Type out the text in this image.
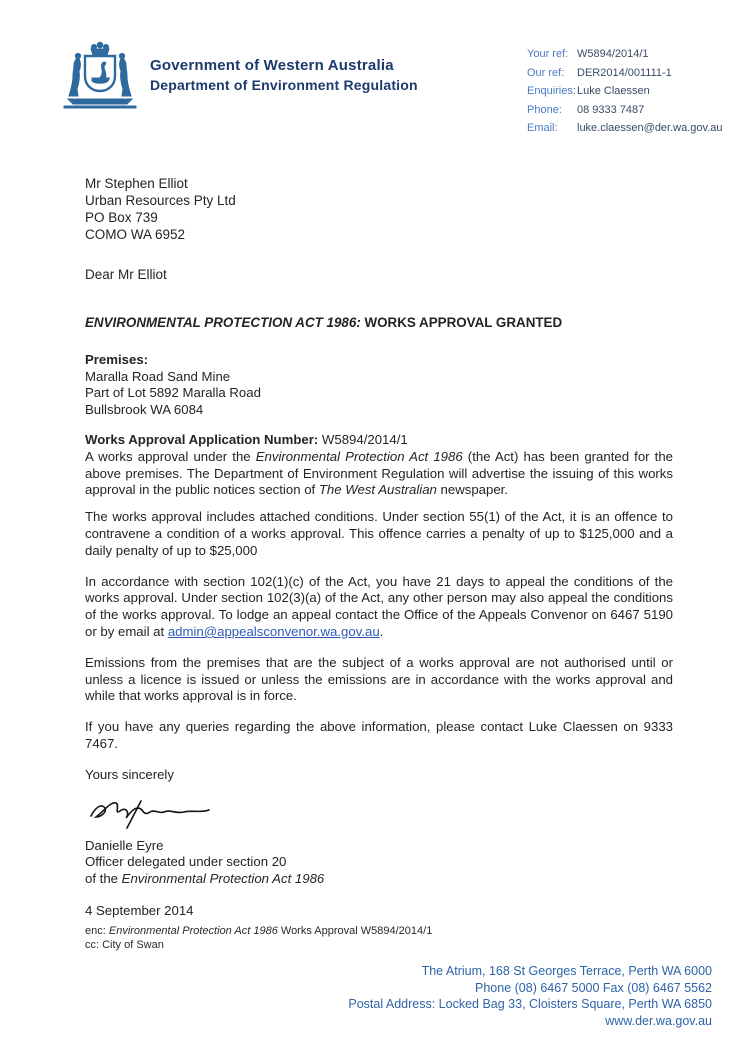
Government of Western Australia
Department of Environment Regulation
Your ref: W5894/2014/1
Our ref:	DER2014/001111-1
Enquiries: Luke Claessen
Phone:	08 9333 7487
Email:	luke.claessen@der.wa.gov.au
Mr Stephen Elliot
Urban Resources Pty Ltd
PO Box 739
COMO WA 6952
Dear Mr Elliot
ENVIRONMENTAL PROTECTION ACT 1986: WORKS APPROVAL GRANTED
Premises:
Maralla Road Sand Mine
Part of Lot 5892 Maralla Road
Bullsbrook WA 6084
Works Approval Application Number: W5894/2014/1

A works approval under the Environmental Protection Act 1986 (the Act) has been granted for the above premises. The Department of Environment Regulation will advertise the issuing of this works approval in the public notices section of The West Australian newspaper.

The works approval includes attached conditions. Under section 55(1) of the Act, it is an offence to contravene a condition of a works approval. This offence carries a penalty of up to $125,000 and a daily penalty of up to $25,000

In accordance with section 102(1)(c) of the Act, you have 21 days to appeal the conditions of the works approval. Under section 102(3)(a) of the Act, any other person may also appeal the conditions of the works approval. To lodge an appeal contact the Office of the Appeals Convenor on 6467 5190 or by email at admin@appealsconvenor.wa.gov.au.

Emissions from the premises that are the subject of a works approval are not authorised until or unless a licence is issued or unless the emissions are in accordance with the works approval and while that works approval is in force.

If you have any queries regarding the above information, please contact Luke Claessen on 9333 7467.

Yours sincerely
Danielle Eyre
Officer delegated under section 20
of the Environmental Protection Act 1986
4 September 2014
enc: Environmental Protection Act 1986 Works Approval W5894/2014/1
cc: City of Swan
The Atrium, 168 St Georges Terrace, Perth WA 6000
Phone (08) 6467 5000 Fax (08) 6467 5562
Postal Address: Locked Bag 33, Cloisters Square, Perth WA 6850
www.der.wa.gov.au
